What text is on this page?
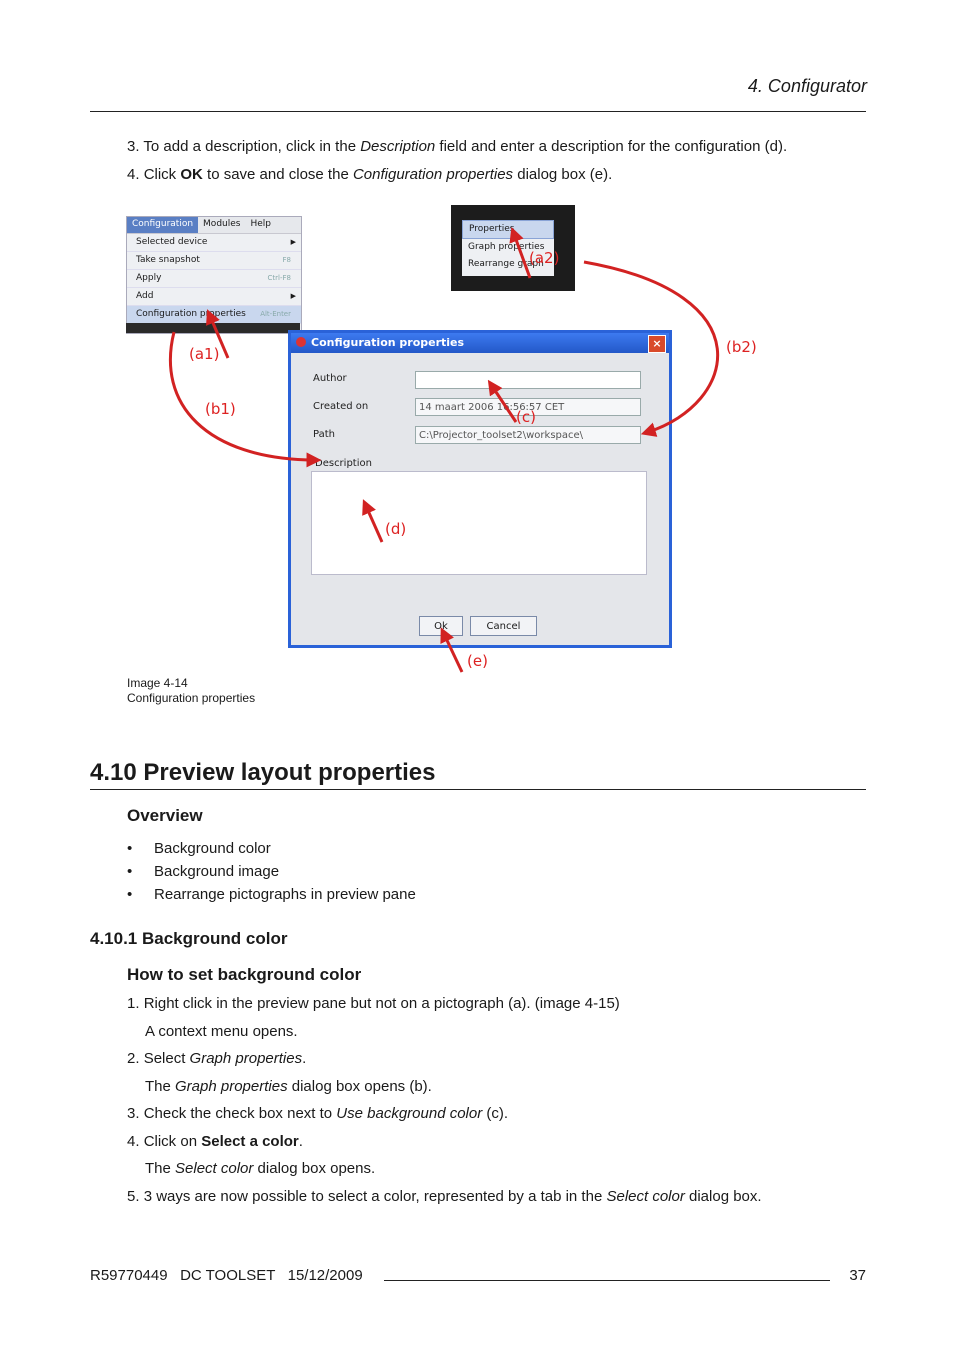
4. Configurator
3. To add a description, click in the Description field and enter a description for the configuration (d).
4. Click OK to save and close the Configuration properties dialog box (e).
Configuration	Modules	Help
Selected device	▶
Take snapshot	F8
Apply	Ctrl-F8
Add	▶
Configuration properties Alt-Enter
Properties
Graph properties
Rearrange graph
Configuration properties	×
Author
Created on	14 maart 2006 16:56:57 CET
Path	C:\Projector_toolset2\workspace\
Description
Ok	Cancel
(a1)
(a2)
(b1)
(b2)
(c)
(d)
(e)
Image 4-14
Configuration properties
4.10 Preview layout properties
Overview
• Background color
• Background image
• Rearrange pictographs in preview pane
4.10.1 Background color
How to set background color
1. Right click in the preview pane but not on a pictograph (a). (image 4-15)
A context menu opens.
2. Select Graph properties.
The Graph properties dialog box opens (b).
3. Check the check box next to Use background color (c).
4. Click on Select a color.
The Select color dialog box opens.
5. 3 ways are now possible to select a color, represented by a tab in the Select color dialog box.
R59770449   DC TOOLSET   15/12/2009	37
